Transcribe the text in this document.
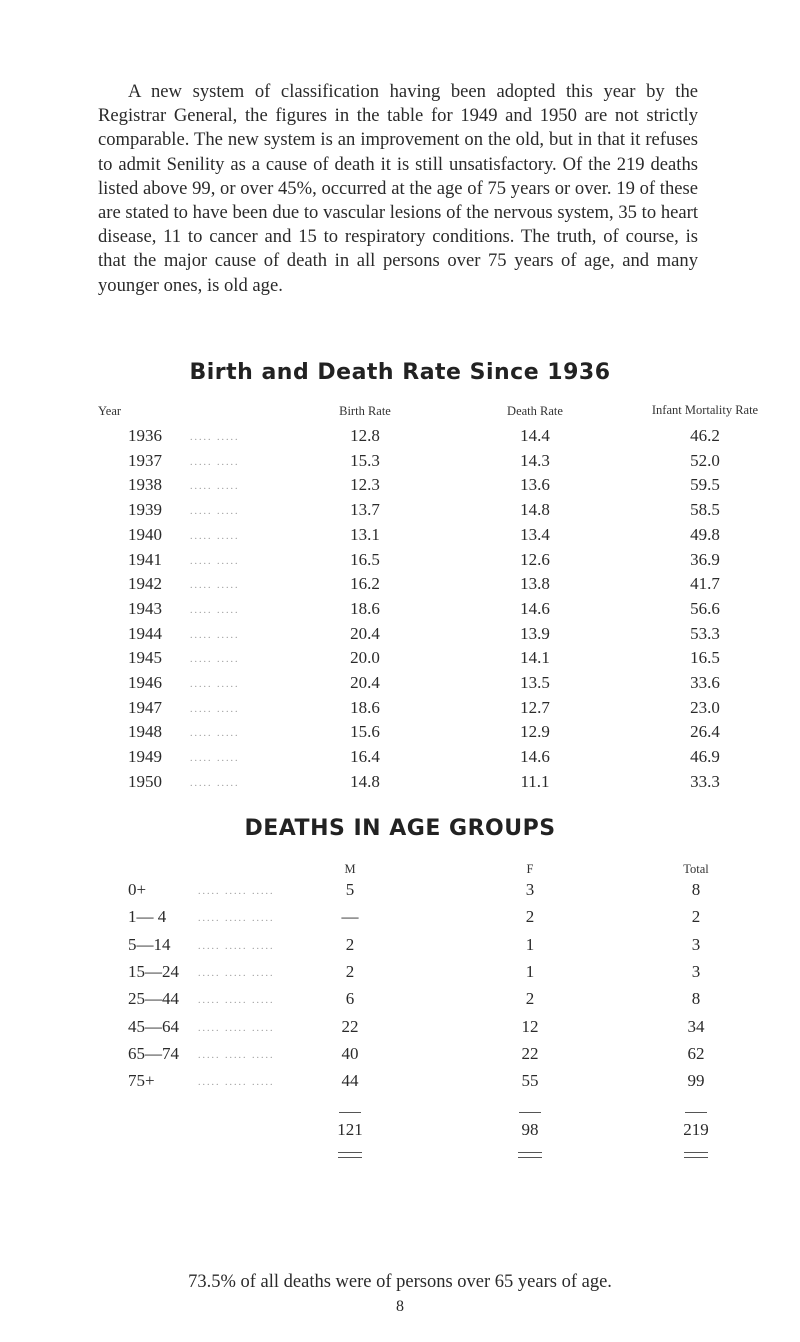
A new system of classification having been adopted this year by the Registrar General, the figures in the table for 1949 and 1950 are not strictly comparable. The new system is an improvement on the old, but in that it refuses to admit Senility as a cause of death it is still unsatisfactory. Of the 219 deaths listed above 99, or over 45%, occurred at the age of 75 years or over. 19 of these are stated to have been due to vascular lesions of the nervous system, 35 to heart disease, 11 to cancer and 15 to respiratory conditions. The truth, of course, is that the major cause of death in all persons over 75 years of age, and many younger ones, is old age.

Birth and Death Rate Since 1936
Year	Birth Rate	Death Rate	Infant Mortality Rate
1936	12.8	14.4	46.2
..... .....
1937	15.3	14.3	52.0
..... .....
1938	12.3	13.6	59.5
..... .....
1939	13.7	14.8	58.5
..... .....
1940	13.1	13.4	49.8
..... .....
1941	16.5	12.6	36.9
..... .....
1942	16.2	13.8	41.7
..... .....
1943	18.6	14.6	56.6
..... .....
1944	20.4	13.9	53.3
..... .....
1945	20.0	14.1	16.5
..... .....
1946	20.4	13.5	33.6
..... .....
1947	18.6	12.7	23.0
..... .....
1948	15.6	12.9	26.4
..... .....
1949	16.4	14.6	46.9
..... .....
1950	14.8	11.1	33.3
..... .....
DEATHS IN AGE GROUPS
M	F	Total
0+	5	3	8
..... ..... .....
1— 4	—	2	2
..... ..... .....
5—14	2	1	3
..... ..... .....
15—24	2	1	3
..... ..... .....
25—44	6	2	8
..... ..... .....
45—64	22	12	34
..... ..... .....
65—74	40	22	62
..... ..... .....
75+	44	55	99
..... ..... .....
121	98	219

73.5% of all deaths were of persons over 65 years of age.

8
